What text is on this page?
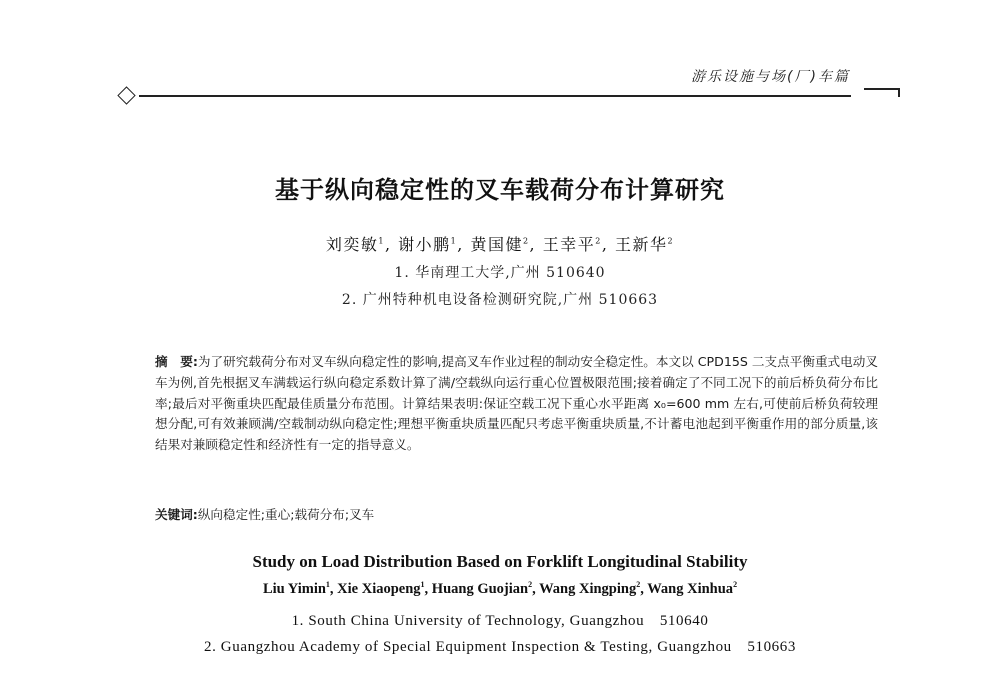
游乐设施与场(厂)车篇
基于纵向稳定性的叉车载荷分布计算研究
刘奕敏$^1$, 谢小鹏$^1$, 黄国健$^2$, 王幸平$^2$, 王新华$^2$
1. 华南理工大学,广州 510640
2. 广州特种机电设备检测研究院,广州 510663
摘　要:为了研究载荷分布对叉车纵向稳定性的影响,提高叉车作业过程的制动安全稳定性。本文以 CPD15S 二支点平衡重式电动叉车为例,首先根据叉车满载运行纵向稳定系数计算了满/空载纵向运行重心位置极限范围;接着确定了不同工况下的前后桥负荷分布比率;最后对平衡重块匹配最佳质量分布范围。计算结果表明:保证空载工况下重心水平距离 x₀=600 mm 左右,可使前后桥负荷较理想分配,可有效兼顾满/空载制动纵向稳定性;理想平衡重块质量匹配只考虑平衡重块质量,不计蓄电池起到平衡重作用的部分质量,该结果对兼顾稳定性和经济性有一定的指导意义。
关键词:纵向稳定性;重心;载荷分布;叉车
Study on Load Distribution Based on Forklift Longitudinal Stability
Liu Yimin$^1$, Xie Xiaopeng$^1$, Huang Guojian$^2$, Wang Xingping$^2$, Wang Xinhua$^2$
1. South China University of Technology, Guangzhou　510640
2. Guangzhou Academy of Special Equipment Inspection & Testing, Guangzhou　510663
